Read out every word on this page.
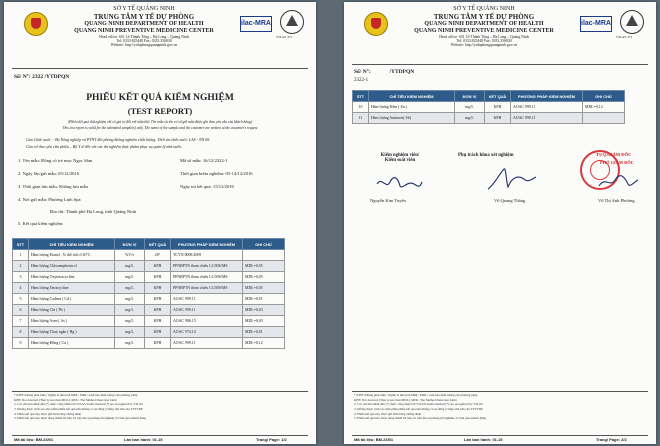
SỞ Y TẾ QUẢNG NINH
TRUNG TÂM Y TẾ DỰ PHÒNG
QUANG NINH DEPARTMENT OF HEALTH
QUANG NINH PREVENTIVE MEDICINE CENTER
Head office: 651 Lê Thánh Tông – Hạ Long – Quảng Ninh
Tel: 0333.825448 Fax: 0333.356830
Website: http://ytduphongquangninh.gov.vn
ilac-MRA
VILAS 371
Số/ N°: 2322 /YTDPQN
PHIẾU KẾT QUẢ KIỂM NGHIỆM
(TEST REPORT)
(Phiếu kết quả thử nghiệm chỉ có giá trị đối với mẫu thử. Tên mẫu và tên cơ sở gửi mẫu được ghi theo yêu cầu của khách hàng)
This test report is valid for the submitted sample(s) only. The name of the sample and the customer are written at the customer's request
Căn Chức nuôi: - Bộ Nông nghiệp và PTNT đối phòng không nghiệm chất lượng. Thời ăn chức nuôi: LAS - NN 69.
Căn cứ theo yêu cầu phiếu – Bộ Y tế đối với các thí nghiệm thực phẩm phục vụ quản lý nhà nước.
1. Tên mẫu: Đồng cỏ trẻ mục Ngọc Sâm	Mã số mẫu: 16/12/2322-1
2. Ngày lấy/gửi mẫu: 05/12/2016	Thời gian kiểm nghiệm: 05-14/12/2016
3. Thời gian lưu mẫu: Không lưu mẫu	Ngày trả kết quả: 15/12/2016
4. Nơi gửi mẫu: Phương Linh Spa
Địa chỉ: Thành phố Hạ Long, tỉnh Quảng Ninh
5. Kết quả kiểm nghiệm:
STT	CHỈ TIÊU KIỂM NGHIỆM	ĐƠN VỊ	KẾT QUẢ	PHƯƠNG PHÁP KIỂM NGHIỆM	GHI CHÚ
1	Hàm lượng Etanol , % thể tích ở 20°C	%V/v	20°	TCVN 8008:2009	
2	Hàm lượng Chloramphenicol	mg/L	KPH	PPNBPTN tham chiếu LC/MS/MS	MDL=0,05
3	Hàm lượng Oxytetracycline	mg/L	KPH	PPNBPTN tham chiếu LC/MS/MS	MDL=0,05
4	Hàm lượng Tetracycline	mg/L	KPH	PPNBPTN tham chiếu LC/MS/MS	MDL=0,05
5	Hàm lượng Cadimi ( Cd )	mg/L	KPH	AOAC 999.11	MDL=0,01
6	Hàm lượng Chì ( Pb )	mg/L	KPH	AOAC 999.11	MDL=0,03
7	Hàm lượng Asen ( As )	mg/L	KPH	AOAC 986.15	MDL=0,03
8	Hàm lượng Thuỷ ngân ( Hg )	mg/L	KPH	AOAC 974.14	MDL=0,01
9	Hàm lượng Đồng ( Cu )	mg/L	KPH	AOAC 999.11	MDL=0,12
* KPH: Không phát hiện / Nghĩa là nhỏ hơn MDL; MDL: Giới hạn định lượng của phương pháp
KPH: Not detected (That is less than MDL); MDL: The Method Detection Limit
2. Các chỉ tiêu đánh dấu (*) được công nhận bởi VILAS/ Items marked (*) are recognized by VILAS
3. Không được trích sao một phần phiếu kết quả nếu không có sự đồng ý bằng văn bản của TTYTDP
4. Phiếu kết quả này được gửi kèm bảng chứng nhận
5. Phiếu kết quả này được đóng thành 02 bản, 01 bản lưu tại phòng thí nghiệm, 01 bản giao khách hàng
Mã tài liệu: BM.23/01	Lần ban hành: 01.15	Trang/ Page: 1/2
SỞ Y TẾ QUẢNG NINH
TRUNG TÂM Y TẾ DỰ PHÒNG
QUANG NINH DEPARTMENT OF HEALTH
QUANG NINH PREVENTIVE MEDICINE CENTER
Head office: 651 Lê Thánh Tông – Hạ Long – Quảng Ninh
Tel: 0333.825448 Fax: 0333.356830
Website: http://ytduphongquangninh.gov.vn
ilac-MRA
VILAS 371
Số/ N°:	/YTDPQN
2322-1
STT	CHỈ TIÊU KIỂM NGHIỆM	ĐƠN VỊ	KẾT QUẢ	PHƯƠNG PHÁP KIỂM NGHIỆM	GHI CHÚ
10	Hàm lượng Kẽm ( Zn )	mg/L	KPH	AOAC 999.11	MDL=0,12
11	Hàm lượng Antimon( Sb)	mg/L	KPH	AOAC 999.11	
Kiểm nghiệm viên/
Kiểm soát viên
Phụ trách khoa xét nghiệm
Nguyễn Kim Tuyến	Vũ Quang Thắng
TUQ.GIÁM ĐỐC
PHÓ GIÁM ĐỐC
Vũ Thị Anh Phương
* KPH: Không phát hiện / Nghĩa là nhỏ hơn MDL; MDL: Giới hạn định lượng của phương pháp
KPH: Not detected (That is less than MDL); MDL: The Method Detection Limit
2. Các chỉ tiêu đánh dấu (*) được công nhận bởi VILAS/ Items marked (*) are recognized by VILAS
3. Không được trích sao một phần phiếu kết quả nếu không có sự đồng ý bằng văn bản của TTYTDP
4. Phiếu kết quả này được gửi kèm bảng chứng nhận
5. Phiếu kết quả này được đóng thành 02 bản, 01 bản lưu tại phòng thí nghiệm, 01 bản giao khách hàng
Mã tài liệu: BM.23/01	Lần ban hành: 01.15	Trang/ Page: 2/2
